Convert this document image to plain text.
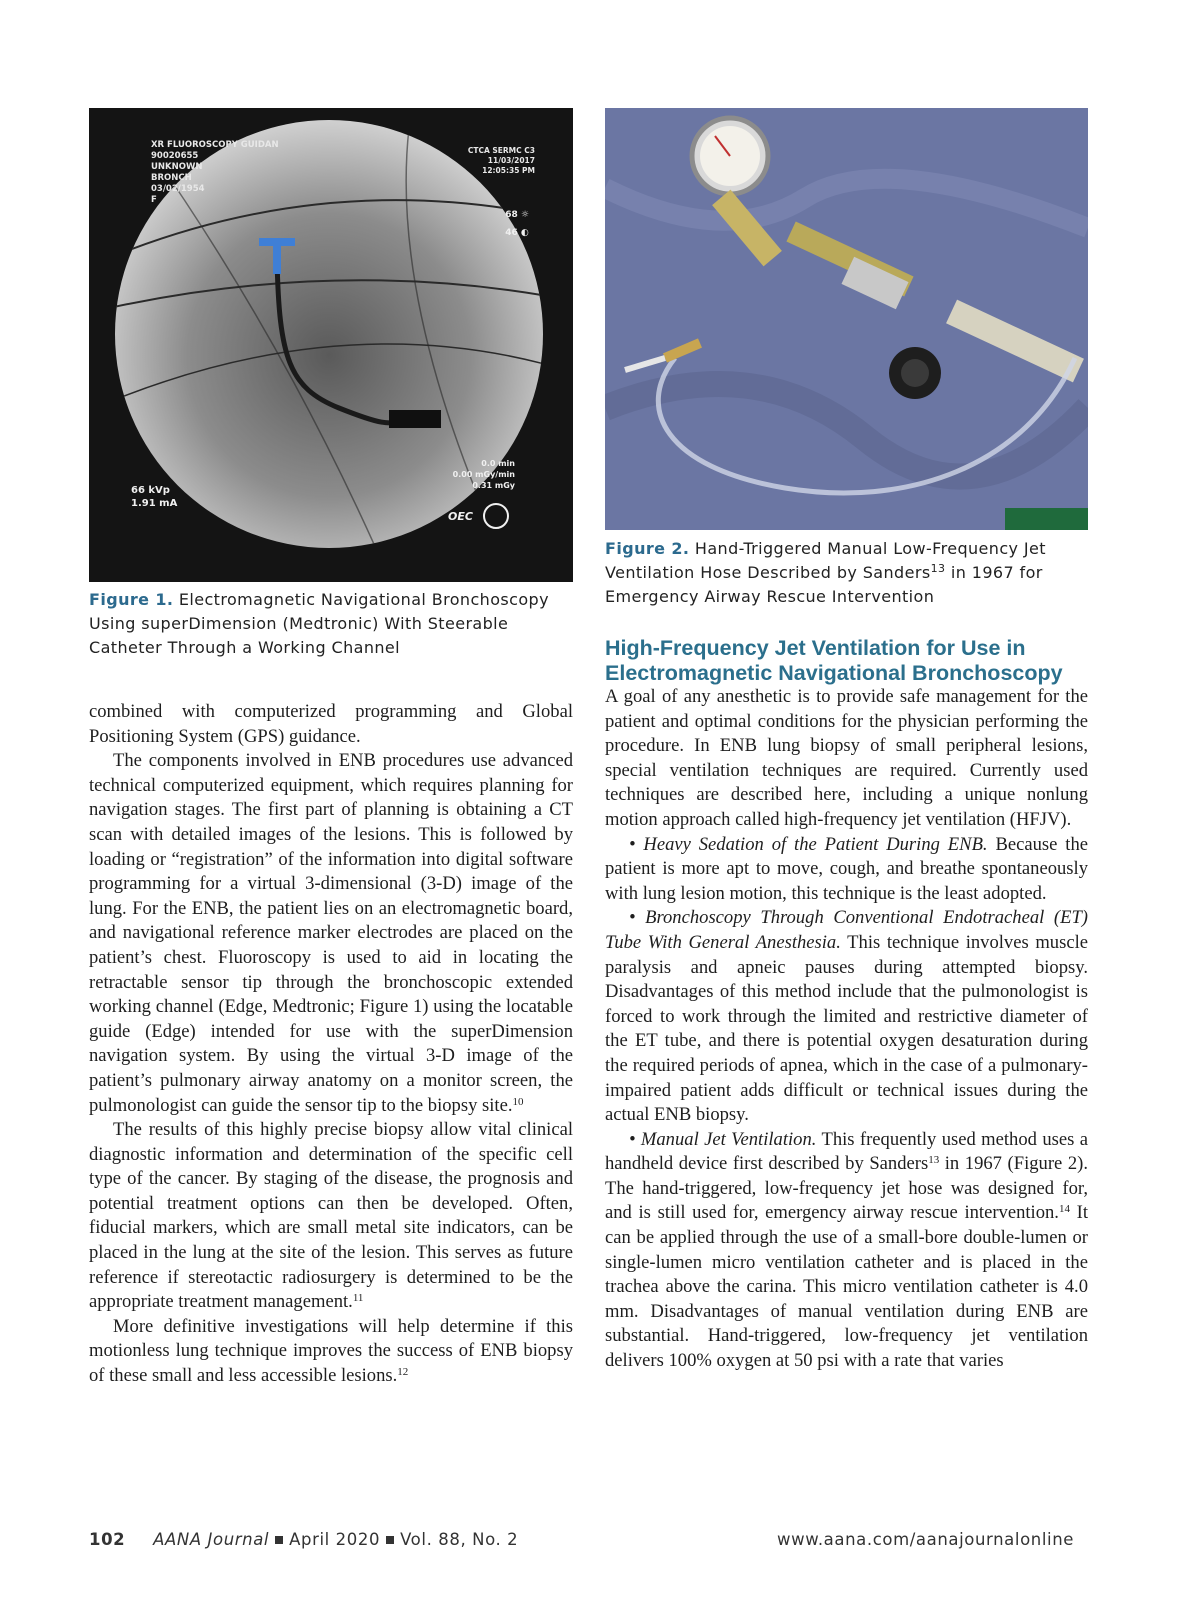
XR FLUOROSCOPY GUIDAN
90020655
UNKNOWN
BRONCH
03/02/1954
F
CTCA SERMC C3
11/03/2017
12:05:35 PM
68 ☼
46 ◐
66 kVp
1.91 mA
0.0 min
0.00 mGy/min
0.31 mGy
OEC
Figure 1. Electromagnetic Navigational Bronchoscopy Using superDimension (Medtronic) With Steerable Catheter Through a Working Channel
Figure 2. Hand-Triggered Manual Low-Frequency Jet Ventilation Hose Described by Sanders$^{13}$ in 1967 for Emergency Airway Rescue Intervention
High-Frequency Jet Ventilation for Use in Electromagnetic Navigational Bronchoscopy

combined with computerized programming and Global Positioning System (GPS) guidance.

The components involved in ENB procedures use advanced technical computerized equipment, which requires planning for navigation stages. The first part of planning is obtaining a CT scan with detailed images of the lesions. This is followed by loading or “registration” of the information into digital software programming for a virtual 3-dimensional (3-D) image of the lung. For the ENB, the patient lies on an electromagnetic board, and navigational reference marker electrodes are placed on the patient’s chest. Fluoroscopy is used to aid in locating the retractable sensor tip through the bronchoscopic extended working channel (Edge, Medtronic; Figure 1) using the locatable guide (Edge) intended for use with the superDimension navigation system. By using the virtual 3-D image of the patient’s pulmonary airway anatomy on a monitor screen, the pulmonologist can guide the sensor tip to the biopsy site.$^{10}$

The results of this highly precise biopsy allow vital clinical diagnostic information and determination of the specific cell type of the cancer. By staging of the disease, the prognosis and potential treatment options can then be developed. Often, fiducial markers, which are small metal site indicators, can be placed in the lung at the site of the lesion. This serves as future reference if stereotactic radiosurgery is determined to be the appropriate treatment management.$^{11}$

More definitive investigations will help determine if this motionless lung technique improves the success of ENB biopsy of these small and less accessible lesions.$^{12}$

A goal of any anesthetic is to provide safe management for the patient and optimal conditions for the physician performing the procedure. In ENB lung biopsy of small peripheral lesions, special ventilation techniques are required. Currently used techniques are described here, including a unique nonlung motion approach called high-frequency jet ventilation (HFJV).

• Heavy Sedation of the Patient During ENB. Because the patient is more apt to move, cough, and breathe spontaneously with lung lesion motion, this technique is the least adopted.

• Bronchoscopy Through Conventional Endotracheal (ET) Tube With General Anesthesia. This technique involves muscle paralysis and apneic pauses during attempted biopsy. Disadvantages of this method include that the pulmonologist is forced to work through the limited and restrictive diameter of the ET tube, and there is potential oxygen desaturation during the required periods of apnea, which in the case of a pulmonary-impaired patient adds difficult or technical issues during the actual ENB biopsy.

• Manual Jet Ventilation. This frequently used method uses a handheld device first described by Sanders$^{13}$ in 1967 (Figure 2). The hand-triggered, low-frequency jet hose was designed for, and is still used for, emergency airway rescue intervention.$^{14}$ It can be applied through the use of a small-bore double-lumen or single-lumen micro ventilation catheter and is placed in the trachea above the carina. This micro ventilation catheter is 4.0 mm. Disadvantages of manual ventilation during ENB are substantial. Hand-triggered, low-frequency jet ventilation delivers 100% oxygen at 50 psi with a rate that varies

102 AANA Journal April 2020 Vol. 88, No. 2	www.aana.com/aanajournalonline
